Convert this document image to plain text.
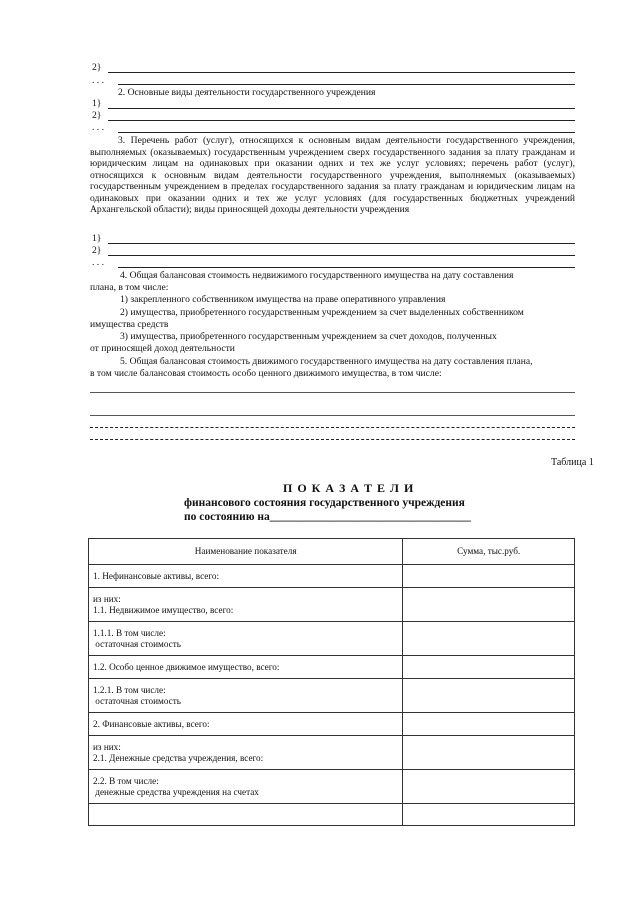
2}
. . .
2. Основные виды деятельности государственного учреждения
1}
2}
. . .
3. Перечень работ (услуг), относящихся к основным видам деятельности государственного учреждения, выполняемых (оказываемых) государственным учреждением сверх государственного задания за плату гражданам и юридическим лицам на одинаковых при оказании одних и тех же услуг условиях; перечень работ (услуг), относящихся к основным видам деятельности государственного учреждения, выполняемых (оказываемых) государственным учреждением в пределах государственного задания за плату гражданам и юридическим лицам на одинаковых при оказании одних и тех же услуг условиях (для государственных бюджетных учреждений Архангельской области); виды приносящей доходы деятельности учреждения
1}
2}
. . .
4. Общая балансовая стоимость недвижимого государственного имущества на дату составления
плана, в том числе:
1) закрепленного собственником имущества на праве оперативного управления
2) имущества, приобретенного государственным учреждением за счет выделенных собственником
имущества средств
3) имущества, приобретенного государственным учреждением за счет доходов, полученных
от приносящей доход деятельности
5. Общая балансовая стоимость движимого государственного имущества на дату составления плана,
в том числе балансовая стоимость особо ценного движимого имущества, в том числе:
Таблица 1
П О К А З А Т Е Л И
финансового состояния государственного учреждения
по состоянию на___________________________________
Наименование показателя	Сумма, тыс.руб.
1. Нефинансовые активы, всего:	
из них:
1.1. Недвижимое имущество, всего:	
1.1.1. В том числе:
остаточная стоимость	
1.2. Особо ценное движимое имущество, всего:	
1.2.1. В том числе:
остаточная стоимость	
2. Финансовые активы, всего:	
из них:
2.1. Денежные средства учреждения, всего:	
2.2. В том числе:
денежные средства учреждения на счетах	
